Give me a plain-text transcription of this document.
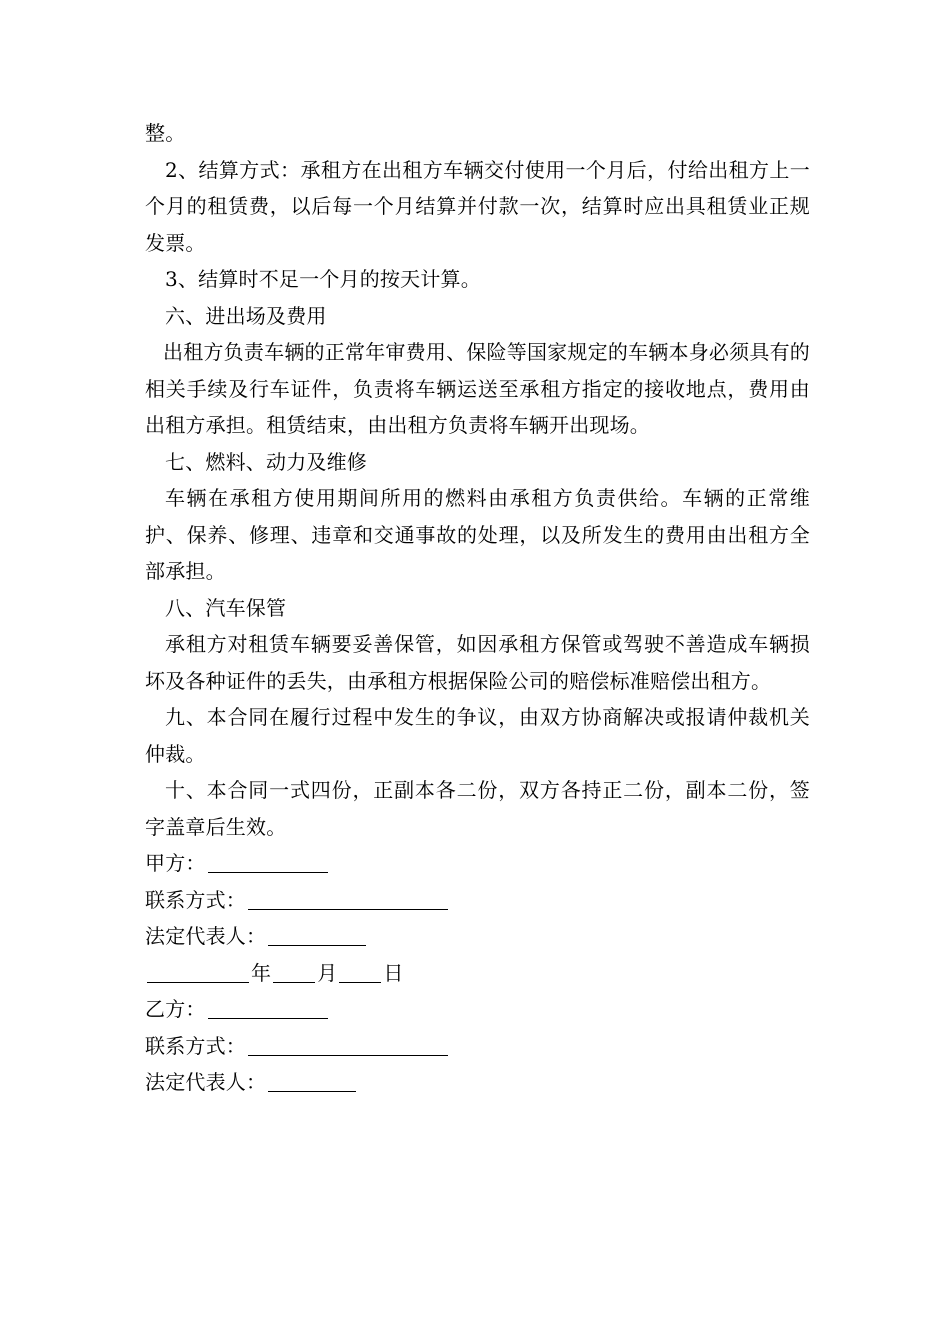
整。

2、结算方式：承租方在出租方车辆交付使用一个月后，付给出租方上一个月的租赁费，以后每一个月结算并付款一次，结算时应出具租赁业正规发票。

3、结算时不足一个月的按天计算。

六、进出场及费用

出租方负责车辆的正常年审费用、保险等国家规定的车辆本身必须具有的相关手续及行车证件，负责将车辆运送至承租方指定的接收地点，费用由出租方承担。租赁结束，由出租方负责将车辆开出现场。

七、燃料、动力及维修

车辆在承租方使用期间所用的燃料由承租方负责供给。车辆的正常维护、保养、修理、违章和交通事故的处理，以及所发生的费用由出租方全部承担。

八、汽车保管

承租方对租赁车辆要妥善保管，如因承租方保管或驾驶不善造成车辆损坏及各种证件的丢失，由承租方根据保险公司的赔偿标准赔偿出租方。

九、本合同在履行过程中发生的争议，由双方协商解决或报请仲裁机关仲裁。

十、本合同一式四份，正副本各二份，双方各持正二份，副本二份，签字盖章后生效。

甲方：

联系方式：

法定代表人：

年 月 日

乙方：

联系方式：

法定代表人：
